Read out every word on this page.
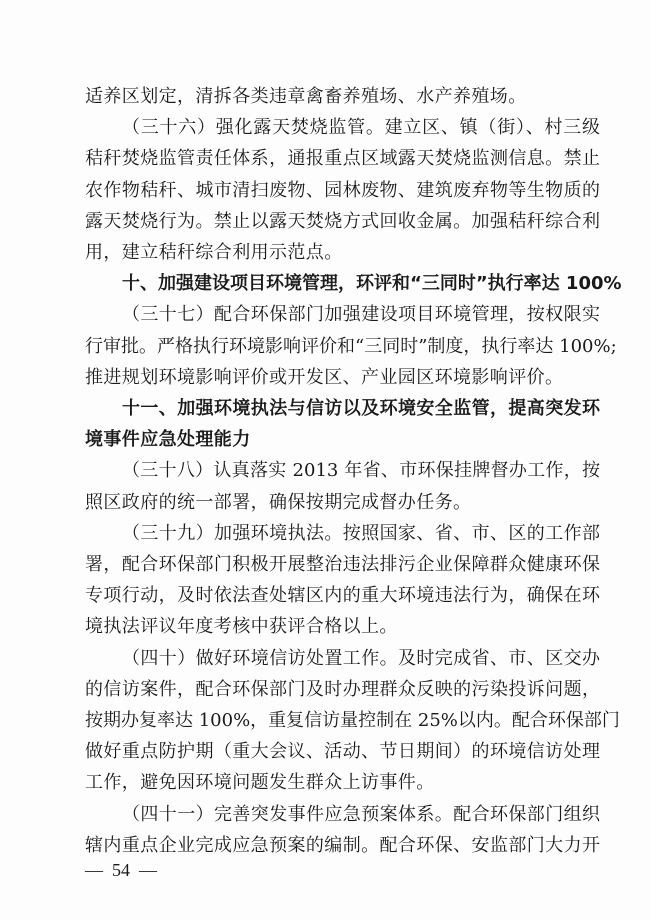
适养区划定，清拆各类违章禽畜养殖场、水产养殖场。
（三十六）强化露天焚烧监管。建立区、镇（街）、村三级
秸秆焚烧监管责任体系，通报重点区域露天焚烧监测信息。禁止
农作物秸秆、城市清扫废物、园林废物、建筑废弃物等生物质的
露天焚烧行为。禁止以露天焚烧方式回收金属。加强秸秆综合利
用，建立秸秆综合利用示范点。
十、加强建设项目环境管理，环评和“三同时”执行率达 100%
（三十七）配合环保部门加强建设项目环境管理，按权限实
行审批。严格执行环境影响评价和“三同时”制度，执行率达 100%;
推进规划环境影响评价或开发区、产业园区环境影响评价。
十一、加强环境执法与信访以及环境安全监管，提高突发环
境事件应急处理能力
（三十八）认真落实 2013 年省、市环保挂牌督办工作，按
照区政府的统一部署，确保按期完成督办任务。
（三十九）加强环境执法。按照国家、省、市、区的工作部
署，配合环保部门积极开展整治违法排污企业保障群众健康环保
专项行动，及时依法查处辖区内的重大环境违法行为，确保在环
境执法评议年度考核中获评合格以上。
（四十）做好环境信访处置工作。及时完成省、市、区交办
的信访案件，配合环保部门及时办理群众反映的污染投诉问题，
按期办复率达 100%，重复信访量控制在 25%以内。配合环保部门
做好重点防护期（重大会议、活动、节日期间）的环境信访处理
工作，避免因环境问题发生群众上访事件。
（四十一）完善突发事件应急预案体系。配合环保部门组织
辖内重点企业完成应急预案的编制。配合环保、安监部门大力开
—  54  —
